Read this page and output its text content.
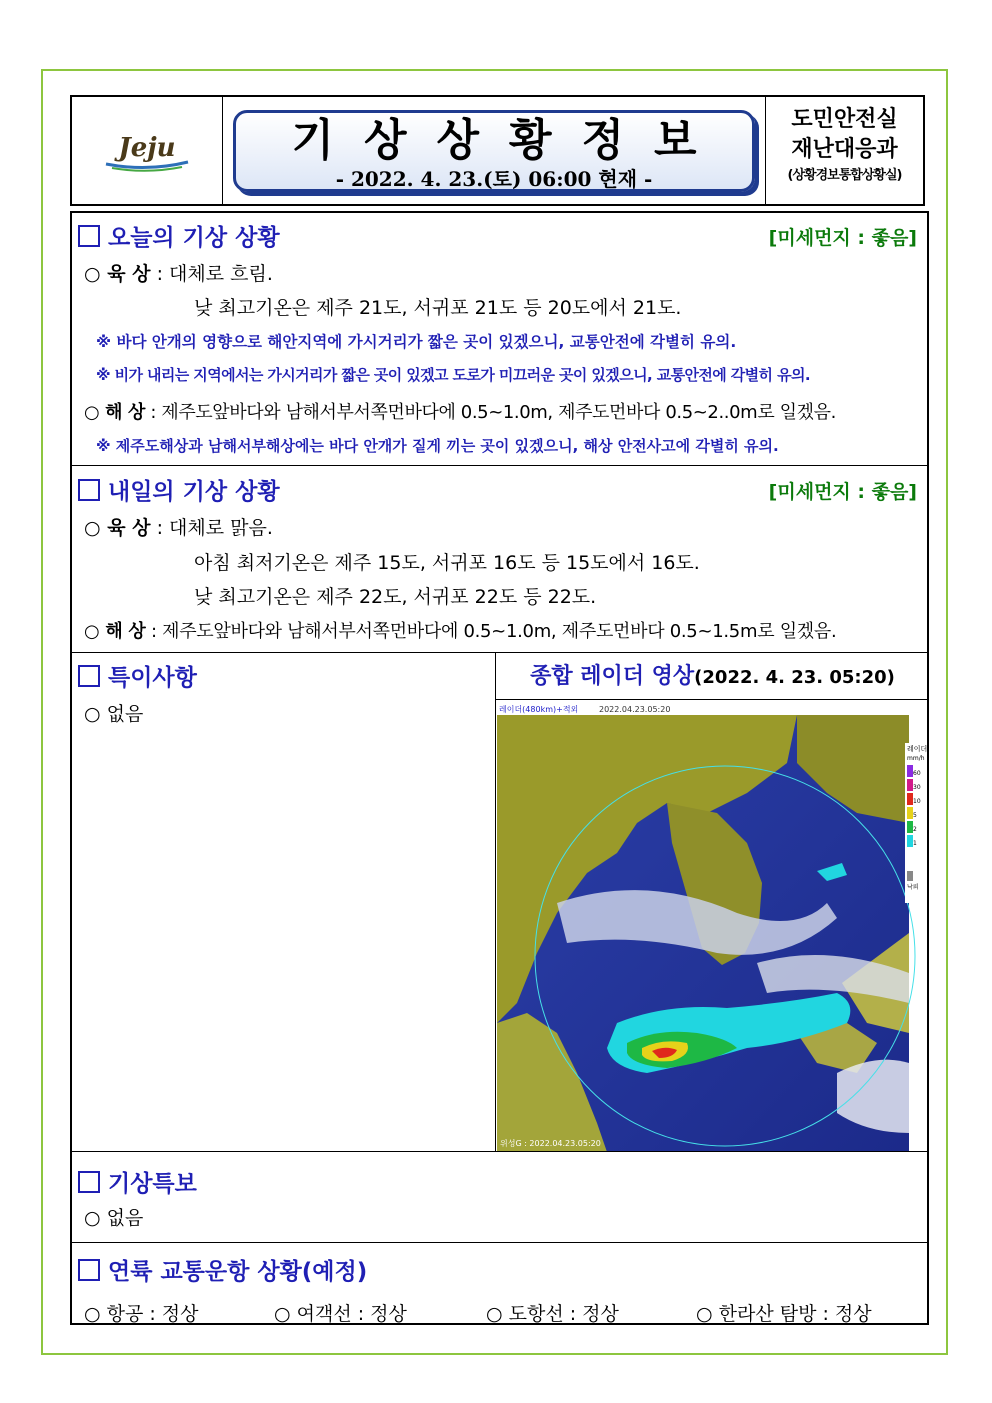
Jeju	기상상황정보
- 2022. 4. 23.(토) 06:00 현재 -
도민안전실
재난대응과
(상황경보통합상황실)
오늘의 기상 상황	[미세먼지 : 좋음]
○ 육 상 : 대체로 흐림.
낮 최고기온은 제주 21도, 서귀포 21도 등 20도에서 21도.
※ 바다 안개의 영향으로 해안지역에 가시거리가 짧은 곳이 있겠으니, 교통안전에 각별히 유의.
※ 비가 내리는 지역에서는 가시거리가 짧은 곳이 있겠고 도로가 미끄러운 곳이 있겠으니, 교통안전에 각별히 유의.
○ 해 상 : 제주도앞바다와 남해서부서쪽먼바다에 0.5~1.0m, 제주도먼바다 0.5~2..0m로 일겠음.
※ 제주도해상과 남해서부해상에는 바다 안개가 짙게 끼는 곳이 있겠으니, 해상 안전사고에 각별히 유의.
내일의 기상 상황	[미세먼지 : 좋음]
○ 육 상 : 대체로 맑음.
아침 최저기온은 제주 15도, 서귀포 16도 등 15도에서 16도.
낮 최고기온은 제주 22도, 서귀포 22도 등 22도.
○ 해 상 : 제주도앞바다와 남해서부서쪽먼바다에 0.5~1.0m, 제주도먼바다 0.5~1.5m로 일겠음.
특이사항
○ 없음
종합 레이더 영상(2022. 4. 23. 05:20)
레이더(480km)+적외	2022.04.23.05:20
위성G : 2022.04.23.05:20
레이더
mm/h
60
30
10
5
2
1
낙뢰
기상특보
○ 없음
연륙 교통운항 상황(예정)
○ 항공 : 정상	○ 여객선 : 정상	○ 도항선 : 정상	○ 한라산 탐방 : 정상
